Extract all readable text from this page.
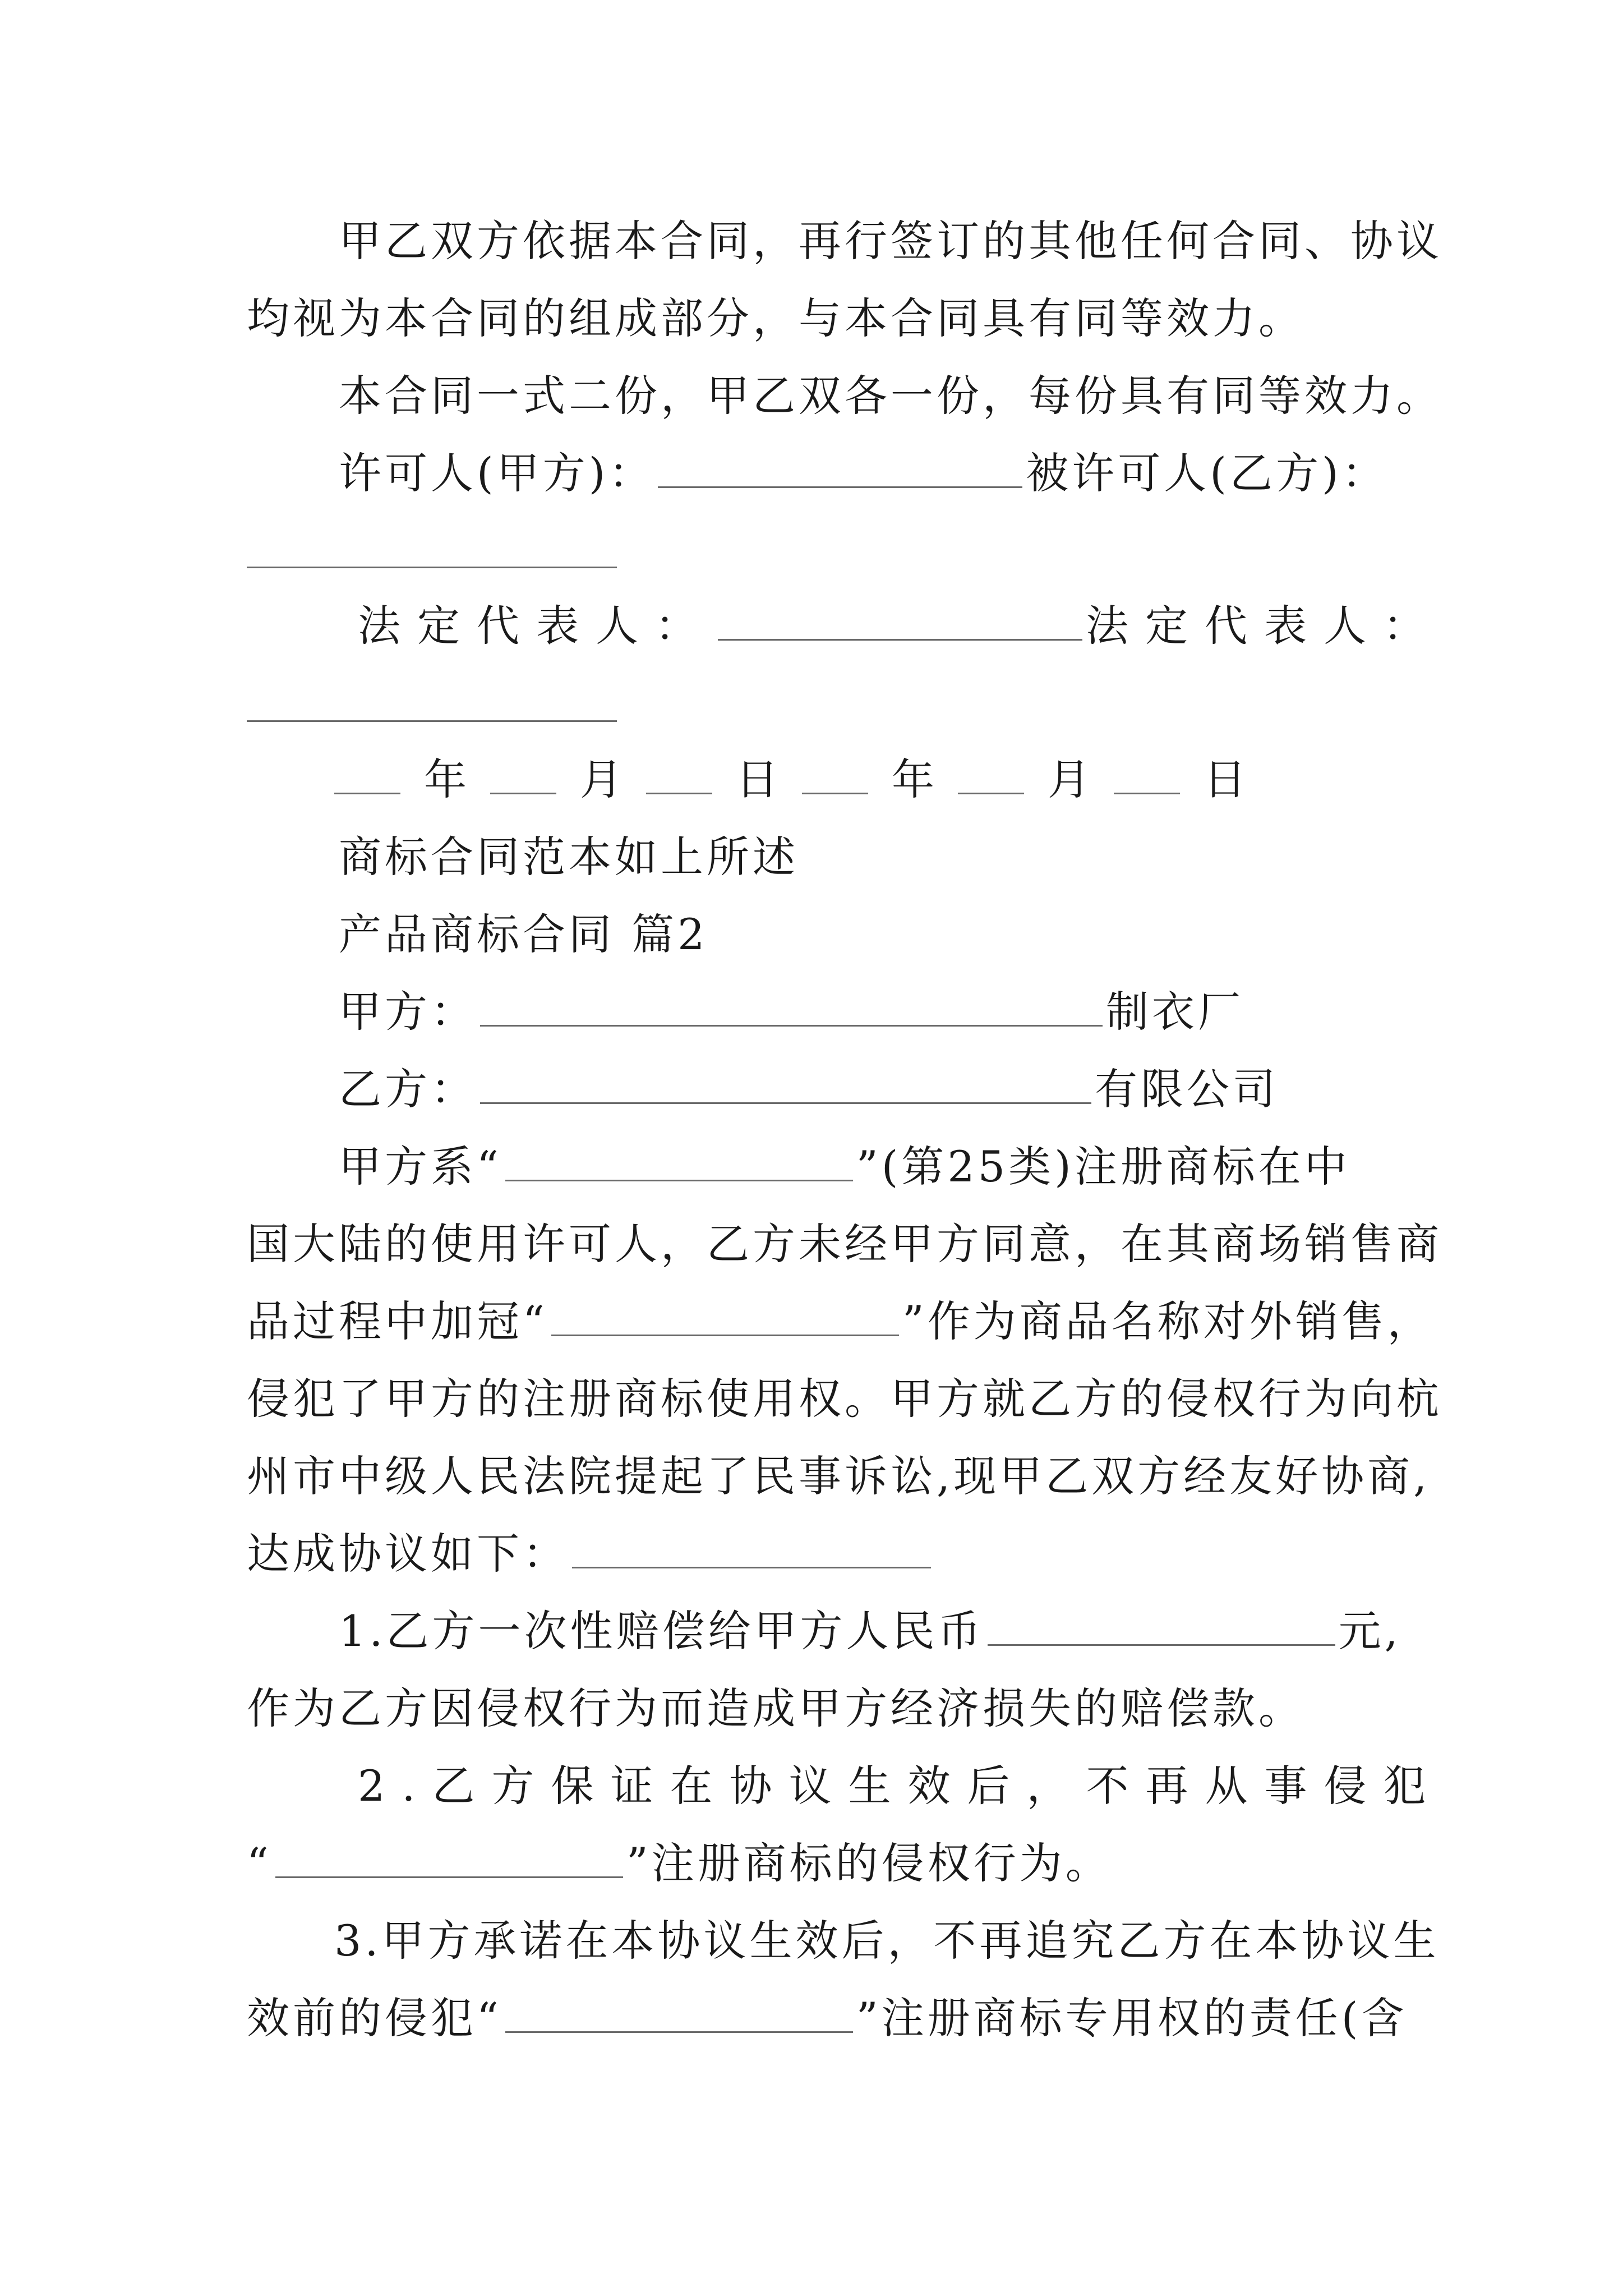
甲乙双方依据本合同，再行签订的其他任何合同、协议
均视为本合同的组成部分，与本合同具有同等效力。
本合同一式二份，甲乙双各一份，每份具有同等效力。
许可人(甲方)：	被许可人(乙方)：
法定代表人：	法定代表人：
年	月	日	年	月	日
商标合同范本如上所述
产品商标合同 篇2
甲方：	制衣厂
乙方：	有限公司
甲方系“	”(第25类)注册商标在中
国大陆的使用许可人，乙方未经甲方同意，在其商场销售商
品过程中加冠“	”作为商品名称对外销售，
侵犯了甲方的注册商标使用权。甲方就乙方的侵权行为向杭
州市中级人民法院提起了民事诉讼,现甲乙双方经友好协商,
达成协议如下：
1.乙方一次性赔偿给甲方人民币	元,
作为乙方因侵权行为而造成甲方经济损失的赔偿款。
2.乙方保证在协议生效后，不再从事侵犯
“	”注册商标的侵权行为。
3.甲方承诺在本协议生效后，不再追究乙方在本协议生
效前的侵犯“	”注册商标专用权的责任(含
